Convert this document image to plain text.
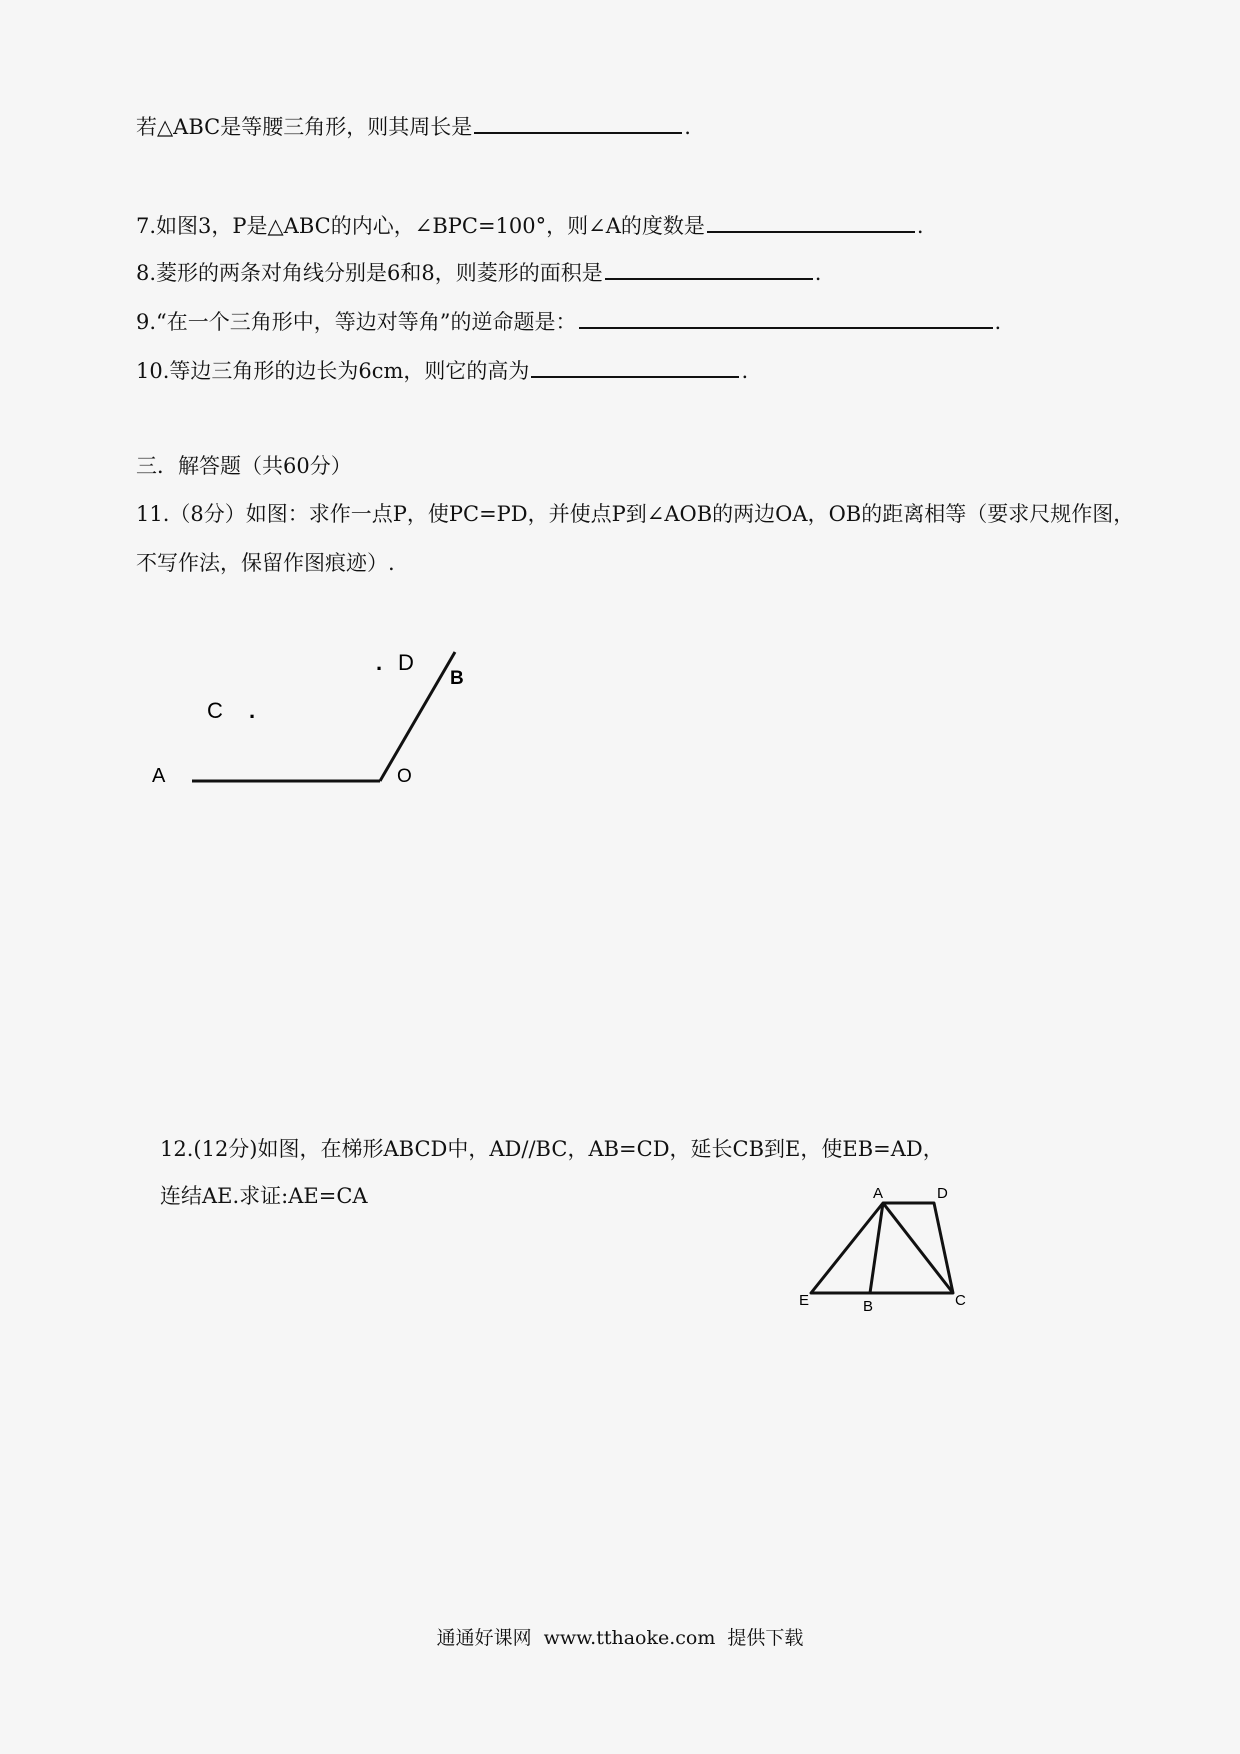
若△ABC是等腰三角形，则其周长是	.
7.如图3，P是△ABC的内心，∠BPC=100°，则∠A的度数是	.
8.菱形的两条对角线分别是6和8，则菱形的面积是	.
9.“在一个三角形中，等边对等角”的逆命题是：	.
10.等边三角形的边长为6cm，则它的高为	.
三．解答题（共60分）
11.（8分）如图：求作一点P，使PC=PD，并使点P到∠AOB的两边OA，OB的距离相等（要求尺规作图，
不写作法，保留作图痕迹）.
A	O
B
C .
. D
12.(12分)如图，在梯形ABCD中，AD//BC，AB=CD，延长CB到E，使EB=AD，
连结AE.求证:AE=CA	A	D
E	B	C
通通好课网 www.tthaoke.com 提供下载
